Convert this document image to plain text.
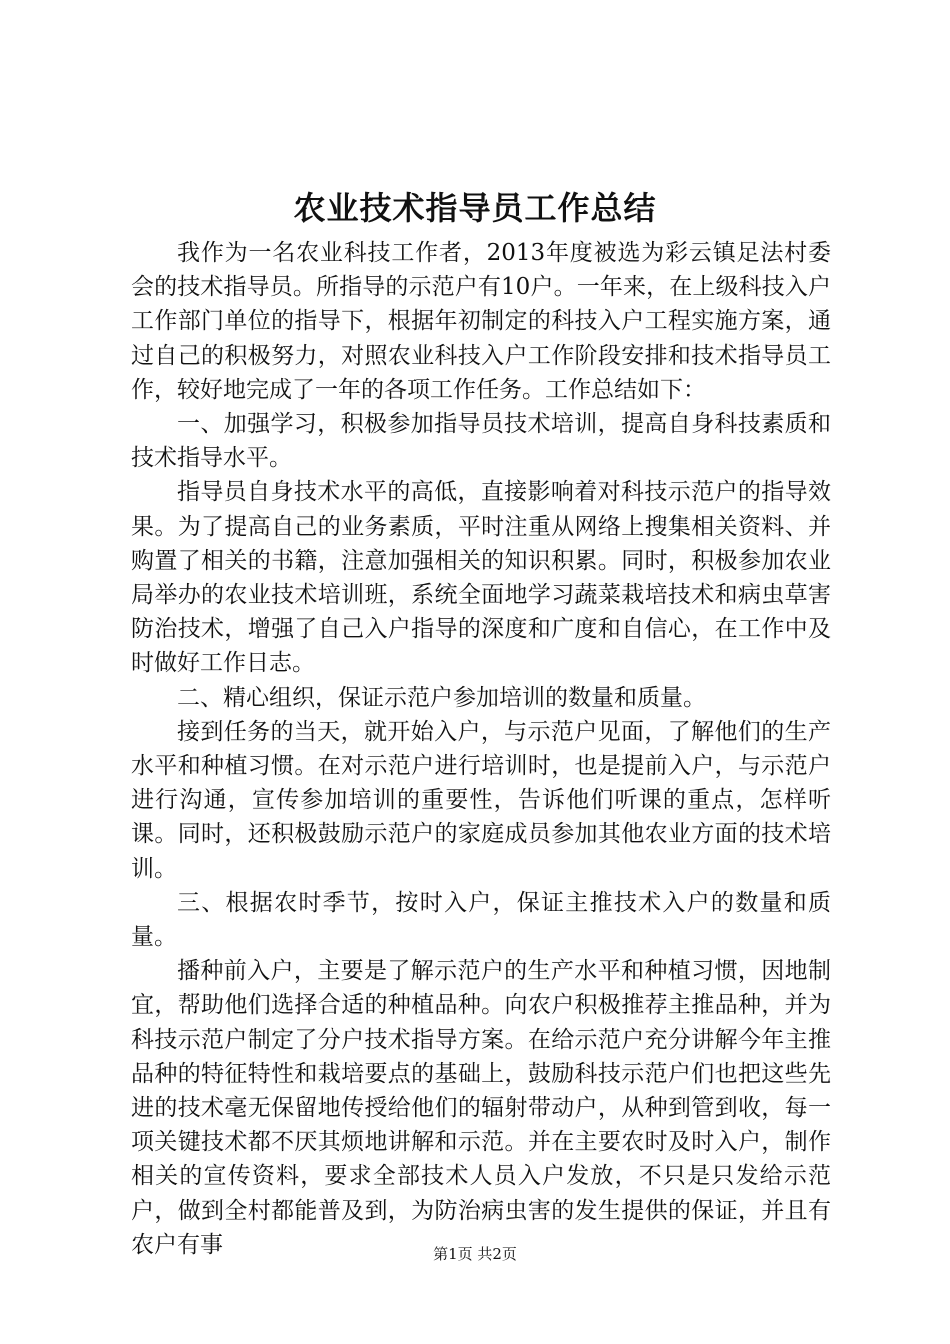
农业技术指导员工作总结

我作为一名农业科技工作者，2013年度被选为彩云镇足法村委会的技术指导员。所指导的示范户有10户。一年来，在上级科技入户工作部门单位的指导下，根据年初制定的科技入户工程实施方案，通过自己的积极努力，对照农业科技入户工作阶段安排和技术指导员工作，较好地完成了一年的各项工作任务。工作总结如下：

一、加强学习，积极参加指导员技术培训，提高自身科技素质和技术指导水平。

指导员自身技术水平的高低，直接影响着对科技示范户的指导效果。为了提高自己的业务素质，平时注重从网络上搜集相关资料、并购置了相关的书籍，注意加强相关的知识积累。同时，积极参加农业局举办的农业技术培训班，系统全面地学习蔬菜栽培技术和病虫草害防治技术，增强了自己入户指导的深度和广度和自信心，在工作中及时做好工作日志。

二、精心组织，保证示范户参加培训的数量和质量。

接到任务的当天，就开始入户，与示范户见面，了解他们的生产水平和种植习惯。在对示范户进行培训时，也是提前入户，与示范户进行沟通，宣传参加培训的重要性，告诉他们听课的重点，怎样听课。同时，还积极鼓励示范户的家庭成员参加其他农业方面的技术培训。

三、根据农时季节，按时入户，保证主推技术入户的数量和质量。

播种前入户，主要是了解示范户的生产水平和种植习惯，因地制宜，帮助他们选择合适的种植品种。向农户积极推荐主推品种，并为科技示范户制定了分户技术指导方案。在给示范户充分讲解今年主推品种的特征特性和栽培要点的基础上，鼓励科技示范户们也把这些先进的技术毫无保留地传授给他们的辐射带动户，从种到管到收，每一项关键技术都不厌其烦地讲解和示范。并在主要农时及时入户，制作相关的宣传资料，要求全部技术人员入户发放，不只是只发给示范户，做到全村都能普及到，为防治病虫害的发生提供的保证，并且有农户有事	第1页 共2页
